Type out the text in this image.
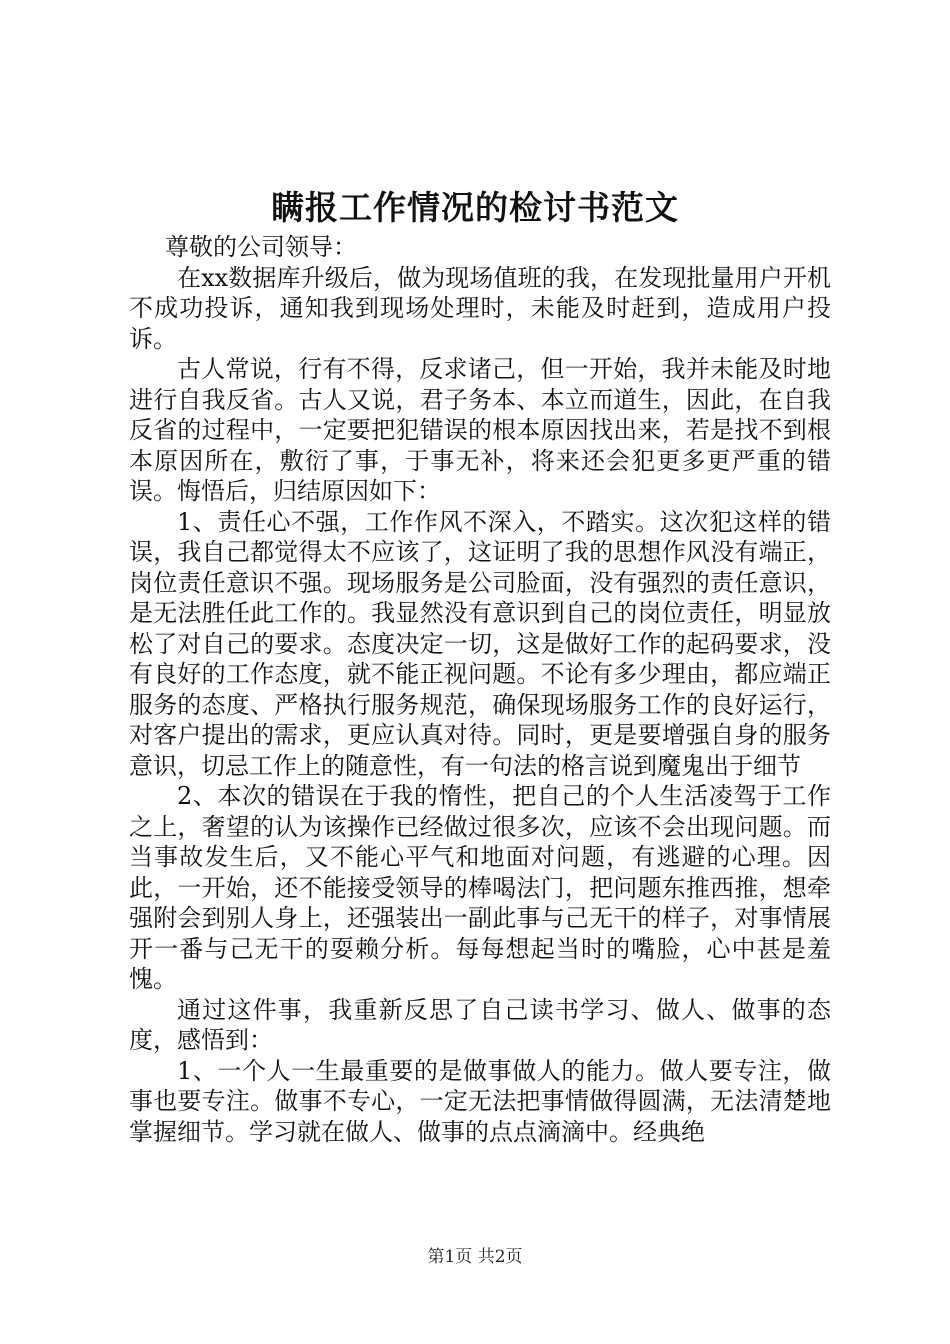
瞒报工作情况的检讨书范文

尊敬的公司领导：

在xx数据库升级后，做为现场值班的我，在发现批量用户开机不成功投诉，通知我到现场处理时，未能及时赶到，造成用户投诉。

古人常说，行有不得，反求诸己，但一开始，我并未能及时地进行自我反省。古人又说，君子务本、本立而道生，因此，在自我反省的过程中，一定要把犯错误的根本原因找出来，若是找不到根本原因所在，敷衍了事，于事无补，将来还会犯更多更严重的错误。悔悟后，归结原因如下：

1、责任心不强，工作作风不深入，不踏实。这次犯这样的错误，我自己都觉得太不应该了，这证明了我的思想作风没有端正，岗位责任意识不强。现场服务是公司脸面，没有强烈的责任意识，是无法胜任此工作的。我显然没有意识到自己的岗位责任，明显放松了对自己的要求。态度决定一切，这是做好工作的起码要求，没有良好的工作态度，就不能正视问题。不论有多少理由，都应端正服务的态度、严格执行服务规范，确保现场服务工作的良好运行，对客户提出的需求，更应认真对待。同时，更是要增强自身的服务意识，切忌工作上的随意性，有一句法的格言说到魔鬼出于细节

2、本次的错误在于我的惰性，把自己的个人生活凌驾于工作之上，奢望的认为该操作已经做过很多次，应该不会出现问题。而当事故发生后，又不能心平气和地面对问题，有逃避的心理。因此，一开始，还不能接受领导的棒喝法门，把问题东推西推，想牵强附会到别人身上，还强装出一副此事与己无干的样子，对事情展开一番与己无干的耍赖分析。每每想起当时的嘴脸，心中甚是羞愧。

通过这件事，我重新反思了自己读书学习、做人、做事的态度，感悟到：

1、一个人一生最重要的是做事做人的能力。做人要专注，做事也要专注。做事不专心，一定无法把事情做得圆满，无法清楚地掌握细节。学习就在做人、做事的点点滴滴中。经典绝

第1页 共2页
